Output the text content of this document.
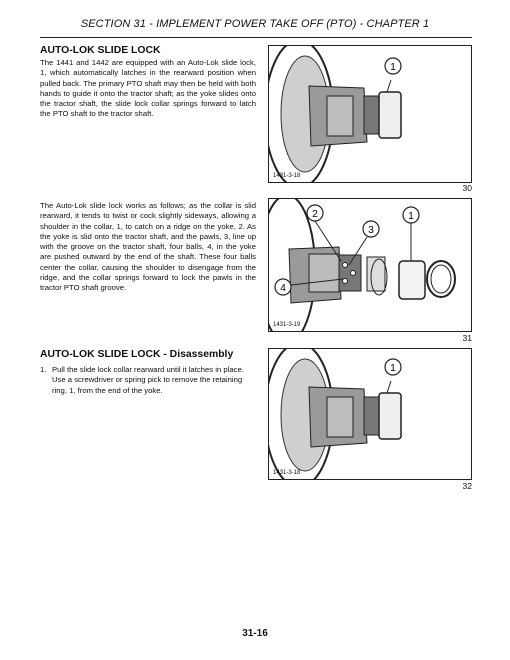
SECTION 31 - IMPLEMENT POWER TAKE OFF (PTO) - CHAPTER 1
AUTO-LOK SLIDE LOCK

The 1441 and 1442 are equipped with an Auto-Lok slide lock, 1, which automatically latches in the rearward position when pulled back. The primary PTO shaft may then be held with both hands to guide it onto the tractor shaft; as the yoke slides onto the tractor shaft, the slide lock collar springs forward to latch the PTO shaft to the tractor shaft.

1
1431-3-18
30

The Auto-Lok slide lock works as follows; as the collar is slid rearward, it tends to twist or cock slightly sideways, allowing a shoulder in the collar, 1, to catch on a ridge on the yoke, 2. As the yoke is slid onto the tractor shaft, and the pawls, 3, line up with the groove on the tractor shaft, four balls, 4, in the yoke are pushed outward by the end of the shaft. These four balls center the collar, causing the shoulder to disengage from the ridge, and the collar springs forward to lock the pawls in the tractor PTO shaft groove.

2	1
3
4
1431-3-19
31
AUTO-LOK SLIDE LOCK - Disassembly
1. Pull the slide lock collar rearward until it latches in place. Use a screwdriver or spring pick to remove the retaining ring, 1, from the end of the yoke.
1
1431-3-18
32
31-16
